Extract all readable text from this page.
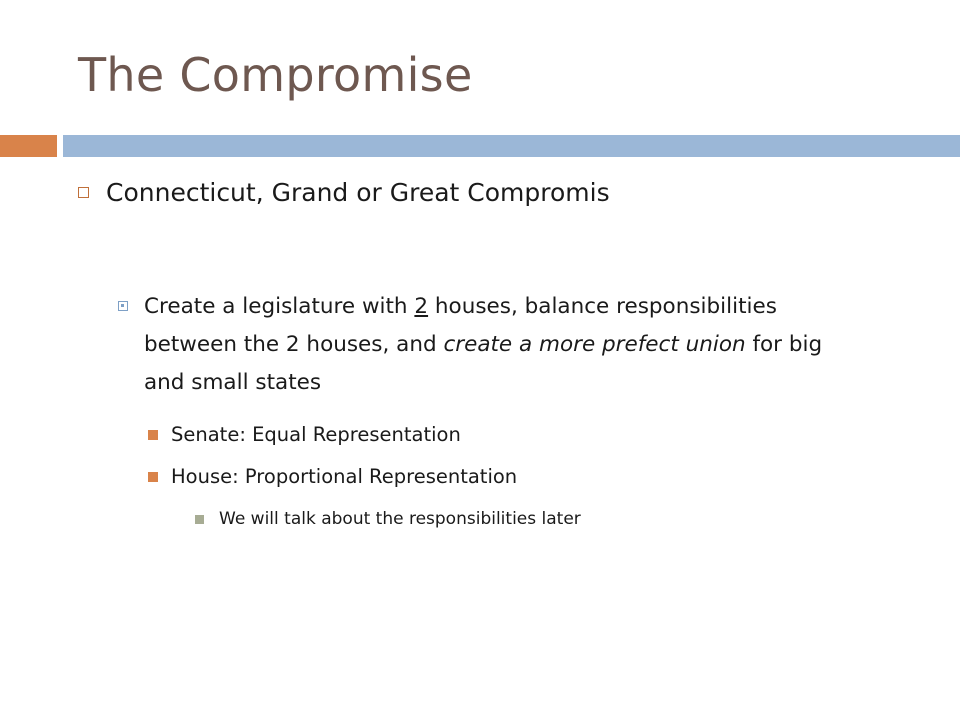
The Compromise
Connecticut, Grand or Great Compromis
Create a legislature with 2 houses, balance responsibilities between the 2 houses, and create a more prefect union for big and small states
Senate: Equal Representation
House: Proportional Representation
We will talk about the responsibilities later
